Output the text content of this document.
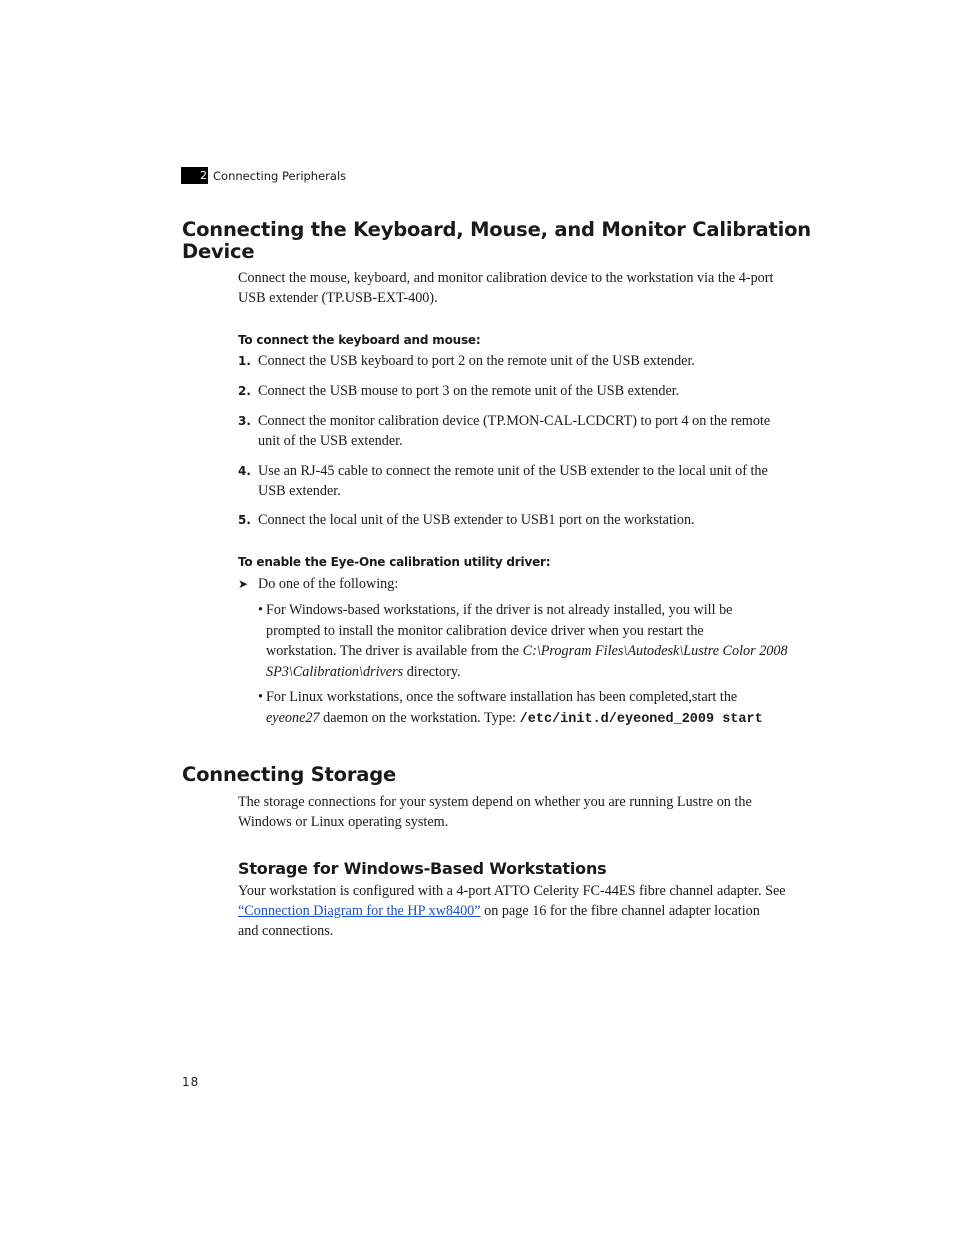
2 Connecting Peripherals
Connecting the Keyboard, Mouse, and Monitor Calibration
Device

Connect the mouse, keyboard, and monitor calibration device to the workstation via the 4-port
USB extender (TP.USB-EXT-400).

To connect the keyboard and mouse:
1. Connect the USB keyboard to port 2 on the remote unit of the USB extender.
2. Connect the USB mouse to port 3 on the remote unit of the USB extender.
3. Connect the monitor calibration device (TP.MON-CAL-LCDCRT) to port 4 on the remote
unit of the USB extender.
4. Use an RJ-45 cable to connect the remote unit of the USB extender to the local unit of the
USB extender.
5. Connect the local unit of the USB extender to USB1 port on the workstation.
To enable the Eye-One calibration utility driver:
➤ Do one of the following:
• For Windows-based workstations, if the driver is not already installed, you will be
prompted to install the monitor calibration device driver when you restart the
workstation. The driver is available from the C:\Program Files\Autodesk\Lustre Color 2008
SP3\Calibration\drivers directory.
• For Linux workstations, once the software installation has been completed,start the
eyeone27 daemon on the workstation. Type: /etc/init.d/eyeoned_2009 start
Connecting Storage

The storage connections for your system depend on whether you are running Lustre on the
Windows or Linux operating system.

Storage for Windows-Based Workstations

Your workstation is configured with a 4-port ATTO Celerity FC-44ES fibre channel adapter. See
“Connection Diagram for the HP xw8400” on page 16 for the fibre channel adapter location
and connections.

18
